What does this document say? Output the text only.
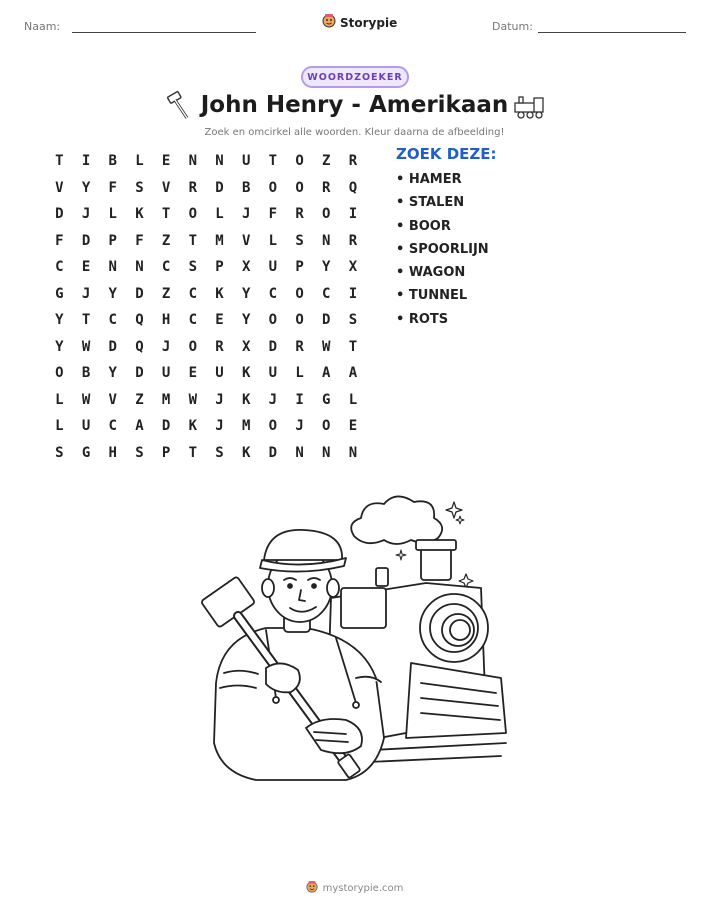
Naam:	Storypie	Datum:
WOORDZOEKER
John Henry - Amerikaan
Zoek en omcirkel alle woorden. Kleur daarna de afbeelding!
T	I	B	L	E	N	N	U	T	O	Z	R
V	Y	F	S	V	R	D	B	O	O	R	Q
D	J	L	K	T	O	L	J	F	R	O	I
F	D	P	F	Z	T	M	V	L	S	N	R
C	E	N	N	C	S	P	X	U	P	Y	X
G	J	Y	D	Z	C	K	Y	C	O	C	I
Y	T	C	Q	H	C	E	Y	O	O	D	S
Y	W	D	Q	J	O	R	X	D	R	W	T
O	B	Y	D	U	E	U	K	U	L	A	A
L	W	V	Z	M	W	J	K	J	I	G	L
L	U	C	A	D	K	J	M	O	J	O	E
S	G	H	S	P	T	S	K	D	N	N	N
ZOEK DEZE:
• HAMER
• STALEN
• BOOR
• SPOORLIJN
• WAGON
• TUNNEL
• ROTS
mystorypie.com
